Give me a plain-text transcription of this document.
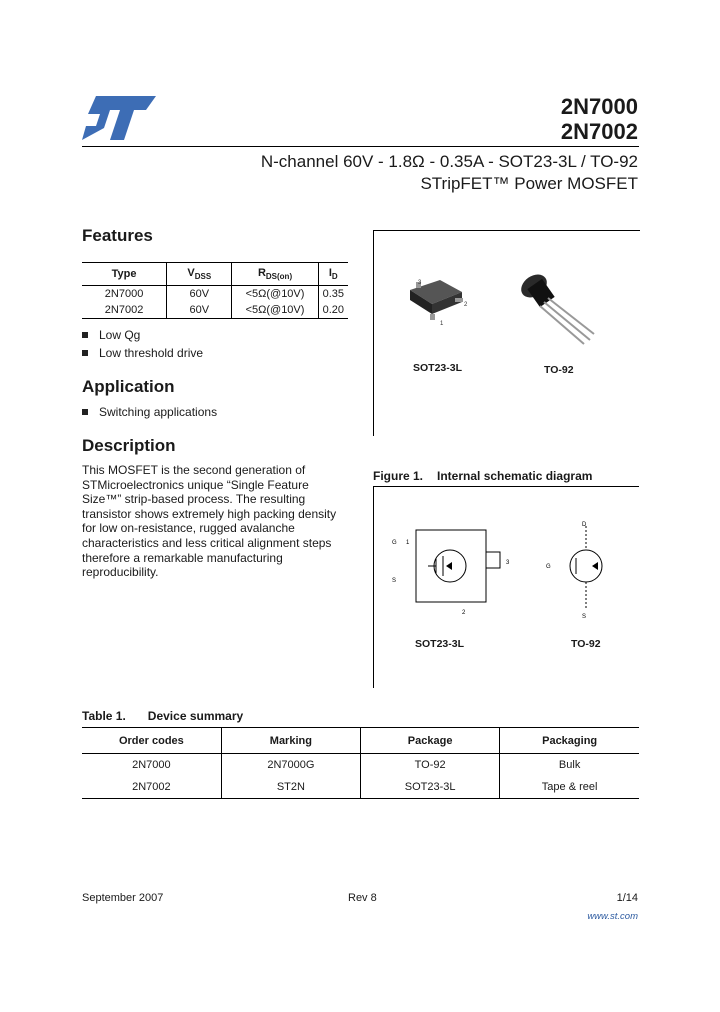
2N7000
2N7002
N-channel 60V - 1.8Ω - 0.35A - SOT23-3L / TO-92
STripFET™ Power MOSFET
Features
Type	$V_{DSS}$	$R_{DS(on)}$	$I_D$
2N7000	60V	<5Ω(@10V)	0.35
2N7002	60V	<5Ω(@10V)	0.20
Low Qg
Low threshold drive
Application
Switching applications
Description
This MOSFET is the second generation of
STMicroelectronics unique “Single Feature
Size™” strip-based process. The resulting
transistor shows extremely high packing density
for low on-resistance, rugged avalanche
characteristics and less critical alignment steps
therefore a remarkable manufacturing
reproducibility.
3
2
1
SOT23-3L	TO-92
Figure 1. Internal schematic diagram
G 1
S
3
2
D
G
S
SOT23-3L	TO-92
Table 1. Device summary
Order codes	Marking	Package	Packaging
2N7000	2N7000G	TO-92	Bulk
2N7002	ST2N	SOT23-3L	Tape & reel
September 2007	Rev 8	1/14
www.st.com
